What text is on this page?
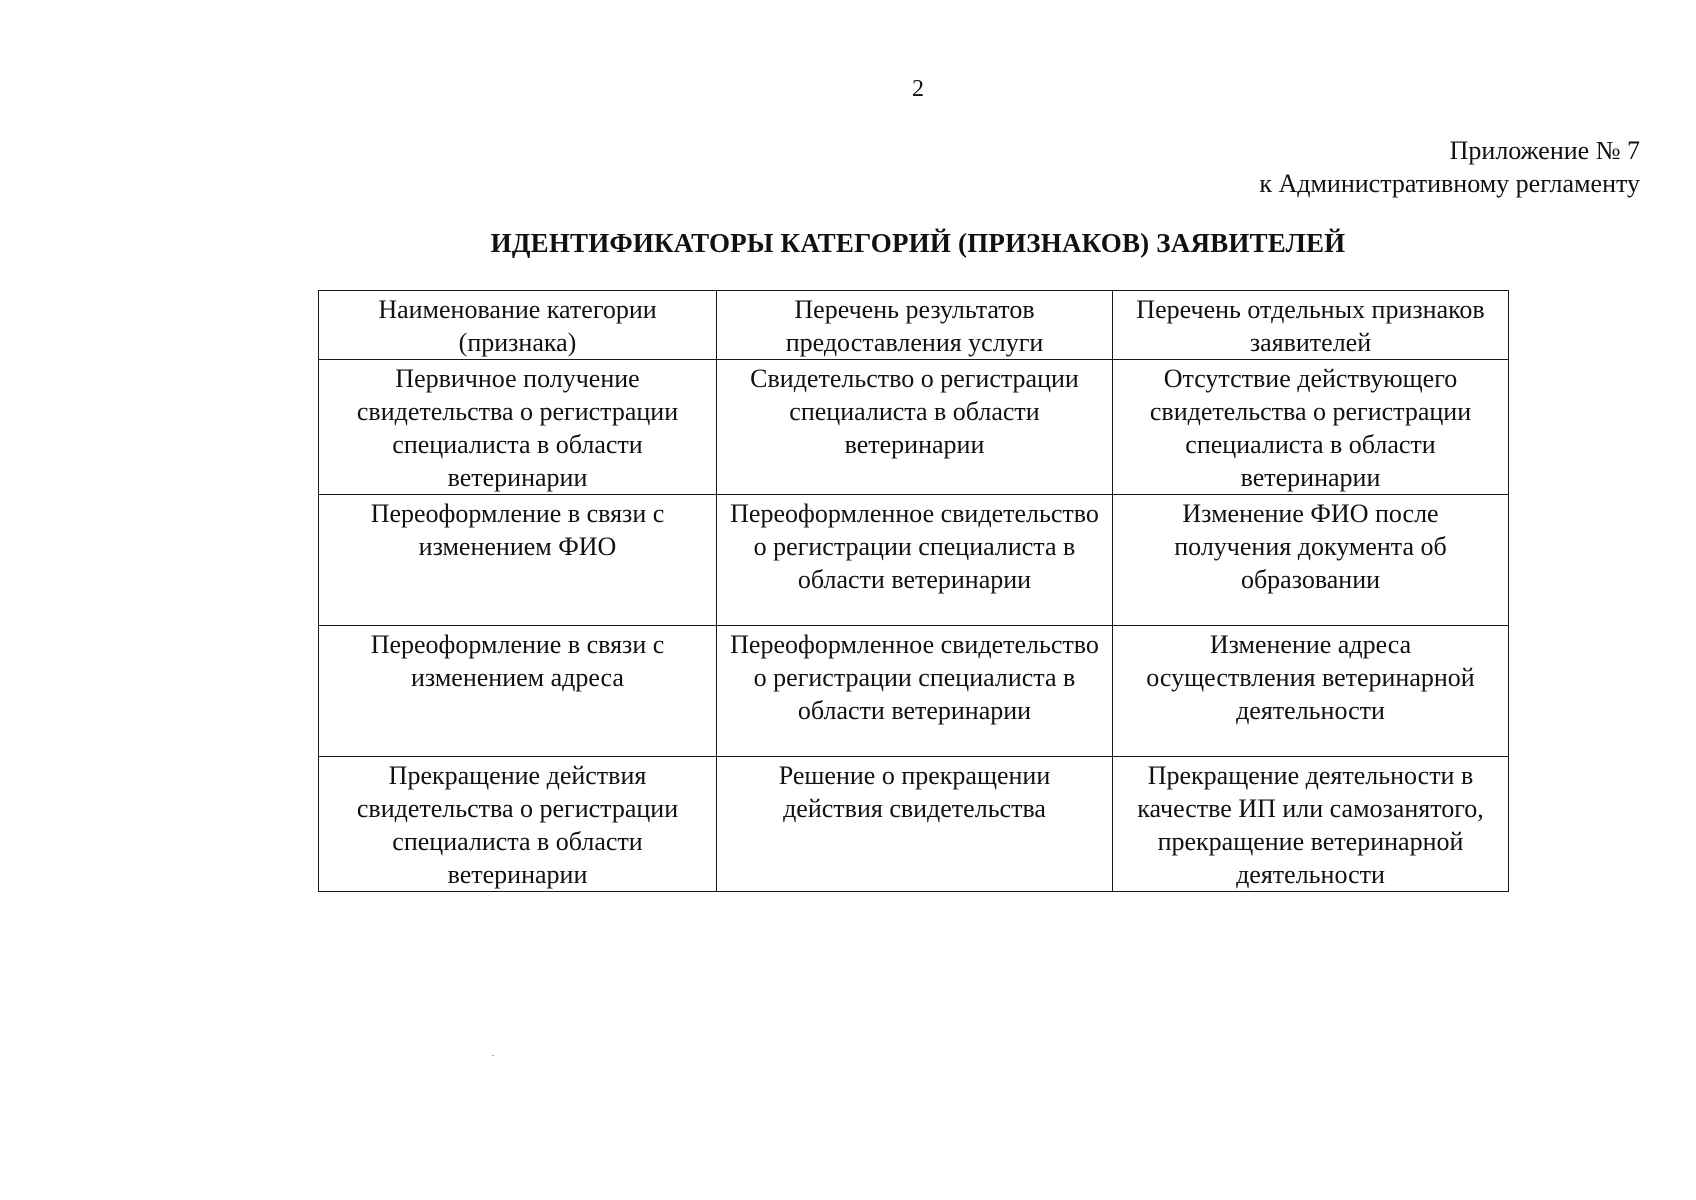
2
Приложение № 7
к Административному регламенту
ИДЕНТИФИКАТОРЫ КАТЕГОРИЙ (ПРИЗНАКОВ) ЗАЯВИТЕЛЕЙ
Наименование категории (признака)	Перечень результатов предоставления услуги	Перечень отдельных признаков заявителей
Первичное получение свидетельства о регистрации специалиста в области ветеринарии	Свидетельство о регистрации специалиста в области ветеринарии	Отсутствие действующего свидетельства о регистрации специалиста в области ветеринарии
Переоформление в связи с изменением ФИО	Переоформленное свидетельство о регистрации специалиста в области ветеринарии	Изменение ФИО после получения документа об образовании
Переоформление в связи с изменением адреса	Переоформленное свидетельство о регистрации специалиста в области ветеринарии	Изменение адреса осуществления ветеринарной деятельности
Прекращение действия свидетельства о регистрации специалиста в области ветеринарии	Решение о прекращении действия свидетельства	Прекращение деятельности в качестве ИП или самозанятого, прекращение ветеринарной деятельности
